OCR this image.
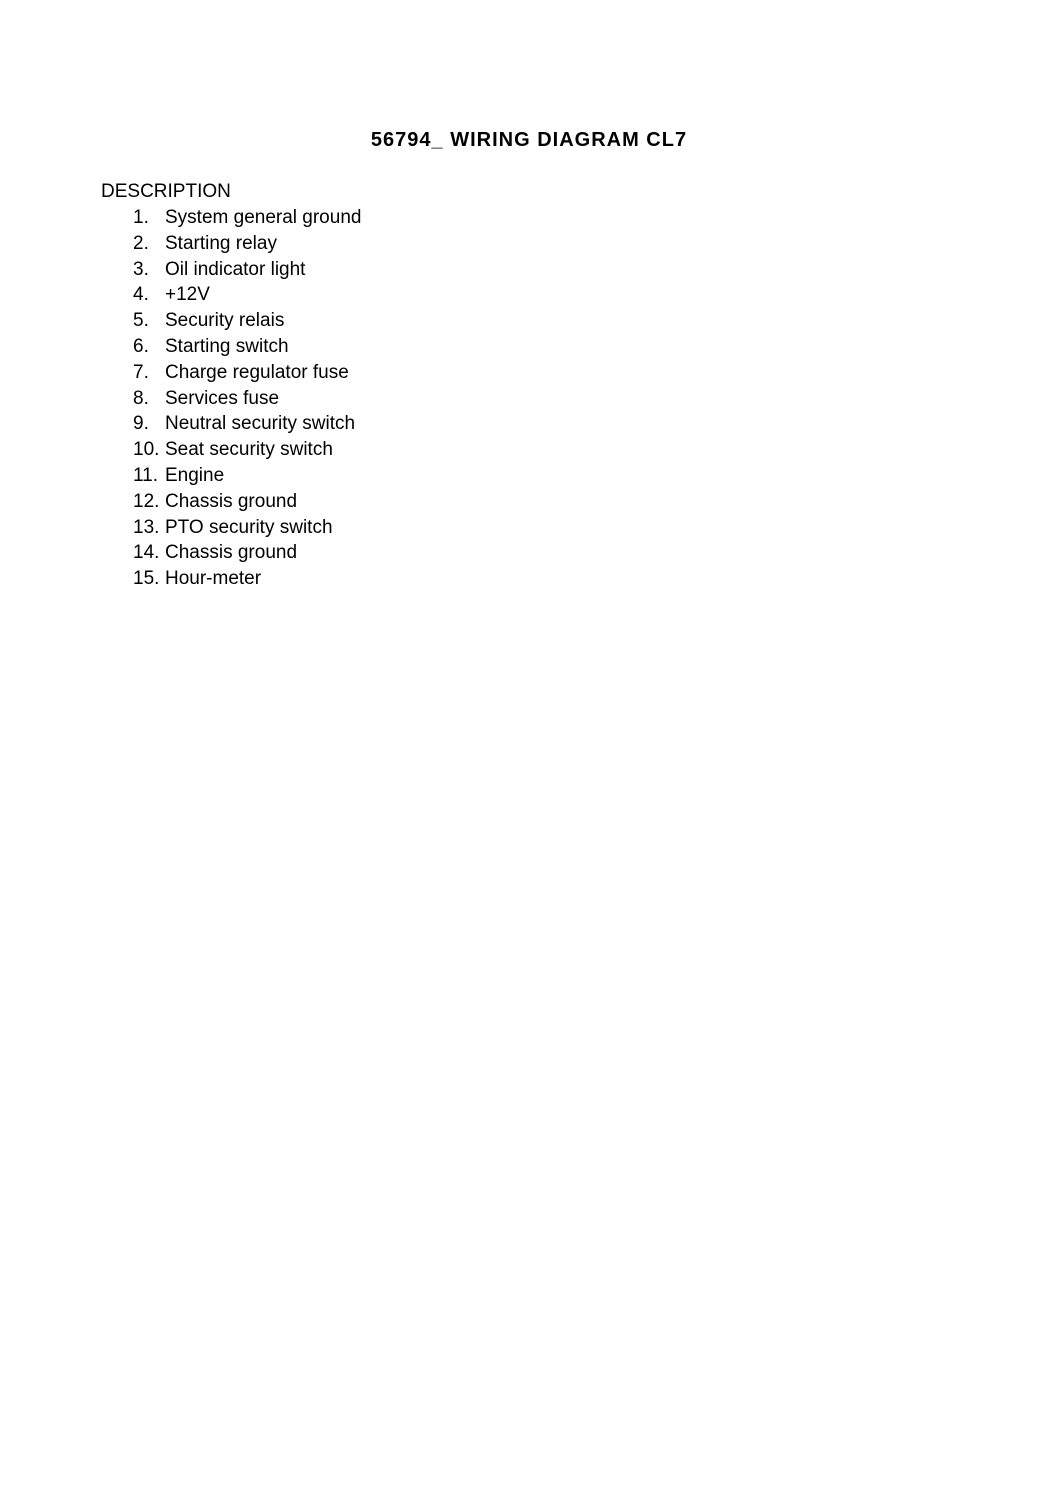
56794_ WIRING DIAGRAM CL7
DESCRIPTION
1. System general ground
2. Starting relay
3. Oil indicator light
4. +12V
5. Security relais
6. Starting switch
7. Charge regulator fuse
8. Services fuse
9. Neutral security switch
10. Seat security switch
11. Engine
12. Chassis ground
13. PTO security switch
14. Chassis ground
15. Hour-meter
